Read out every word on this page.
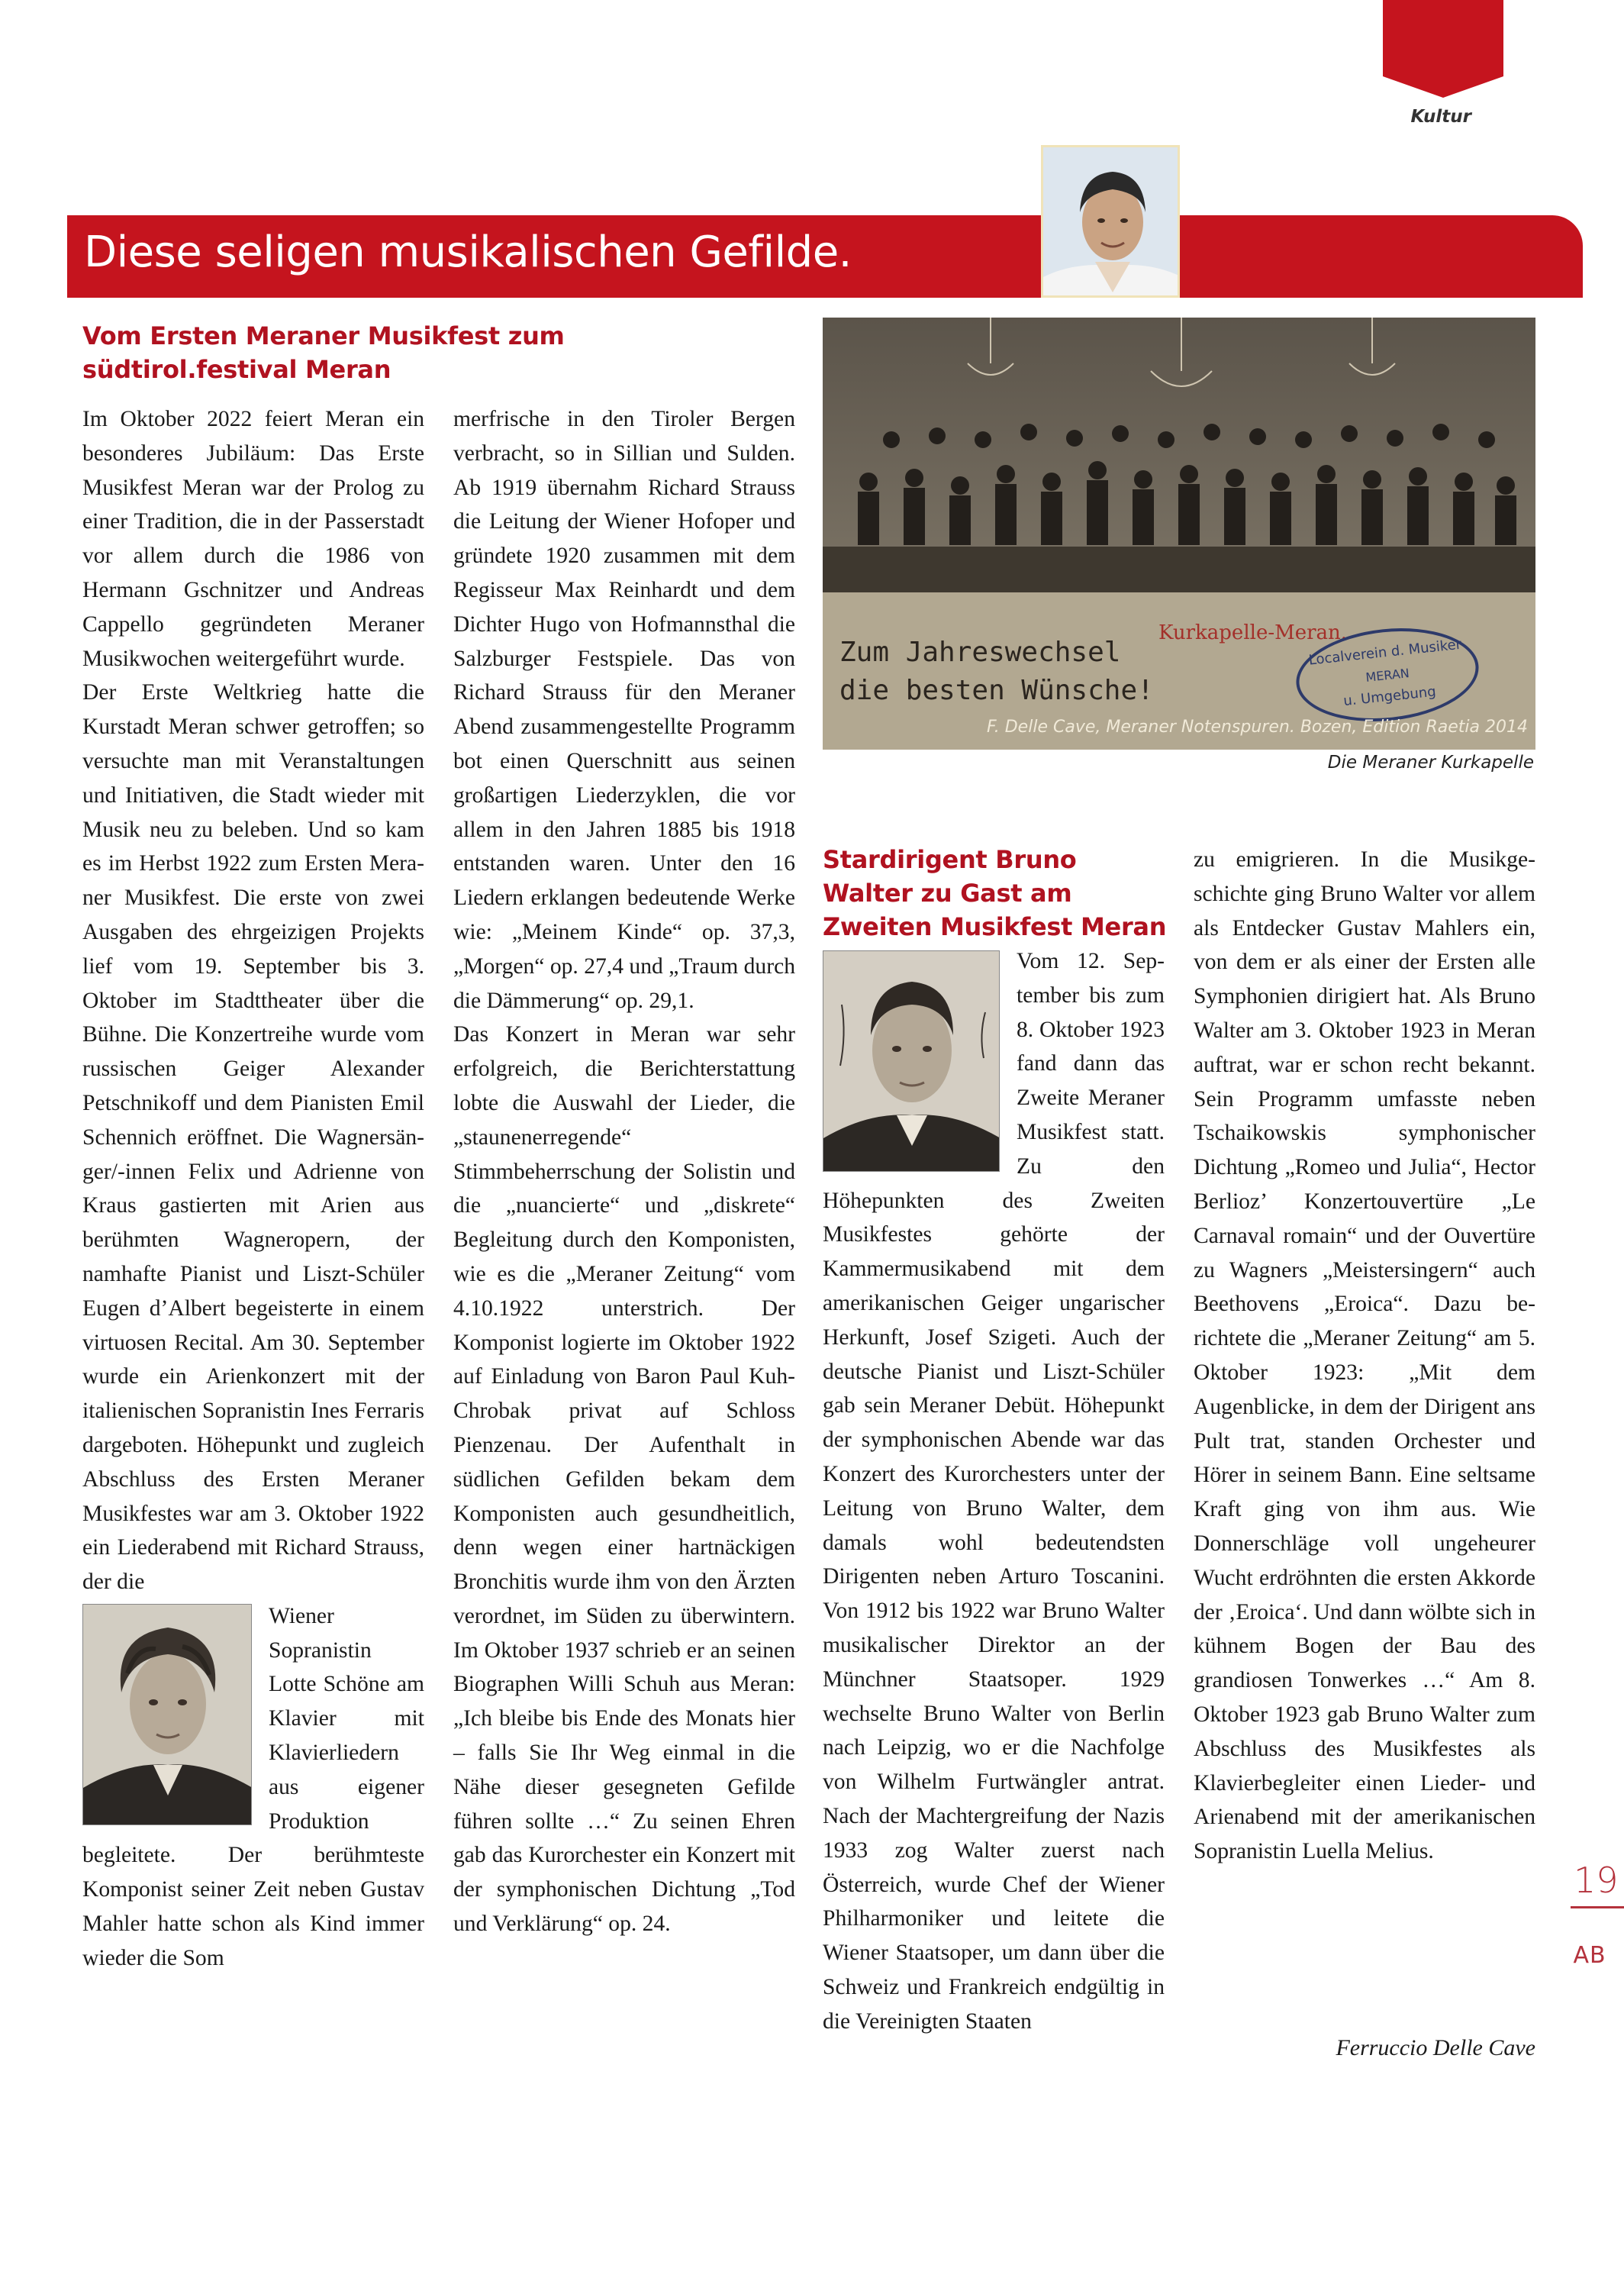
Kultur
Diese seligen musikalischen Gefilde.
Vom Ersten Meraner Musikfest zum südtirol.festival Meran

Im Oktober 2022 feiert Meran ein besonderes Jubiläum: Das Erste Musikfest Meran war der Prolog zu einer Tradition, die in der Passerstadt vor allem durch die 1986 von Hermann Gschnitzer und Andreas Cappello gegründeten Meraner Musikwochen weitergeführt wurde.

Der Erste Weltkrieg hatte die Kurstadt Meran schwer getroffen; so versuchte man mit Veranstaltungen und Initiativen, die Stadt wieder mit Musik neu zu beleben. Und so kam es im Herbst 1922 zum Ersten Meraner Musikfest. Die erste von zwei Ausgaben des ehrgeizigen Projekts lief vom 19. September bis 3. Oktober im Stadttheater über die Bühne. Die Konzertreihe wurde vom russischen Geiger Alexander Petschnikoff und dem Pianisten Emil Schennich eröffnet. Die Wagnersänger/-innen Felix und Adrienne von Kraus gastierten mit Arien aus berühmten Wagneropern, der namhafte Pianist und Liszt-Schüler Eugen d’Albert begeisterte in einem virtuosen Recital. Am 30. September wurde ein Arienkonzert mit der italienischen Sopranistin Ines Ferraris dargeboten. Höhepunkt und zugleich Abschluss des Ersten Meraner Musikfestes war am 3. Oktober 1922 ein Liederabend mit Richard Strauss, der die

Wiener Sopranistin Lotte Schöne am Klavier mit Klavierliedern aus eigener Produktion begleitete. Der berühmteste Komponist seiner Zeit neben Gustav Mahler hatte schon als Kind immer wieder die Som

merfrische in den Tiroler Bergen verbracht, so in Sillian und Sulden. Ab 1919 übernahm Richard Strauss die Leitung der Wiener Hofoper und gründete 1920 zusammen mit dem Regisseur Max Reinhardt und dem Dichter Hugo von Hofmannsthal die Salzburger Festspiele. Das von Richard Strauss für den Meraner Abend zusammengestellte Programm bot einen Querschnitt aus seinen großartigen Liederzyklen, die vor allem in den Jahren 1885 bis 1918 entstanden waren. Unter den 16 Liedern erklangen bedeutende Werke wie: „Meinem Kinde“ op. 37,3, „Morgen“ op. 27,4 und „Traum durch die Dämmerung“ op. 29,1.

Das Konzert in Meran war sehr erfolgreich, die Berichterstattung lobte die Auswahl der Lieder, die „staunenerregende“ Stimmbeherrschung der Solistin und die „nuancierte“ und „diskrete“ Begleitung durch den Komponisten, wie es die „Meraner Zeitung“ vom 4.10.1922 unterstrich. Der Komponist logierte im Oktober 1922 auf Einladung von Baron Paul Kuh-Chrobak privat auf Schloss Pienzenau. Der Aufenthalt in südlichen Gefilden bekam dem Komponisten auch gesundheitlich, denn wegen einer hartnäckigen Bronchitis wurde ihm von den Ärzten verordnet, im Süden zu überwintern. Im Oktober 1937 schrieb er an seinen Biographen Willi Schuh aus Meran: „Ich bleibe bis Ende des Monats hier – falls Sie Ihr Weg einmal in die Nähe dieser gesegneten Gefilde führen sollte …“ Zu seinen Ehren gab das Kurorchester ein Konzert mit der symphonischen Dichtung „Tod und Verklärung“ op. 24.

Kurkapelle-Meran.
Zum Jahreswechsel
die besten Wünsche!
Localverein d. Musiker
MERAN
u. Umgebung
F. Delle Cave, Meraner Notenspuren. Bozen, Edition Raetia 2014
Die Meraner Kurkapelle
Stardirigent Bruno Walter zu Gast am Zweiten Musikfest Meran

Vom 12. September bis zum 8. Oktober 1923 fand dann das Zweite Meraner Musikfest statt. Zu den Höhepunkten des Zweiten Musikfestes gehörte der Kammermusikabend mit dem amerikanischen Geiger ungarischer Herkunft, Josef Szigeti. Auch der deutsche Pianist und Liszt-Schüler gab sein Meraner Debüt. Höhepunkt der symphonischen Abende war das Konzert des Kurorchesters unter der Leitung von Bruno Walter, dem damals wohl bedeutendsten Dirigenten neben Arturo Toscanini. Von 1912 bis 1922 war Bruno Walter musikalischer Direktor an der Münchner Staatsoper. 1929 wechselte Bruno Walter von Berlin nach Leipzig, wo er die Nachfolge von Wilhelm Furtwängler antrat. Nach der Machtergreifung der Nazis 1933 zog Walter zuerst nach Österreich, wurde Chef der Wiener Philharmoniker und leitete die Wiener Staatsoper, um dann über die Schweiz und Frankreich endgültig in die Vereinigten Staaten

zu emigrieren. In die Musikgeschichte ging Bruno Walter vor allem als Entdecker Gustav Mahlers ein, von dem er als einer der Ersten alle Symphonien dirigiert hat. Als Bruno Walter am 3. Oktober 1923 in Meran auftrat, war er schon recht bekannt. Sein Programm umfasste neben Tschaikowskis symphonischer Dichtung „Romeo und Julia“, Hector Berlioz’ Konzertouvertüre „Le Carnaval romain“ und der Ouvertüre zu Wagners „Meistersingern“ auch Beethovens „Eroica“. Dazu berichtete die „Meraner Zeitung“ am 5. Oktober 1923: „Mit dem Augenblicke, in dem der Dirigent ans Pult trat, standen Orchester und Hörer in seinem Bann. Eine seltsame Kraft ging von ihm aus. Wie Donnerschläge voll ungeheurer Wucht erdröhnten die ersten Akkorde der ‚Eroica‘. Und dann wölbte sich in kühnem Bogen der Bau des grandiosen Tonwerkes …“ Am 8. Oktober 1923 gab Bruno Walter zum Abschluss des Musikfestes als Klavierbegleiter einen Lieder- und Arienabend mit der amerikanischen Sopranistin Luella Melius.

Ferruccio Delle Cave
19
AB
